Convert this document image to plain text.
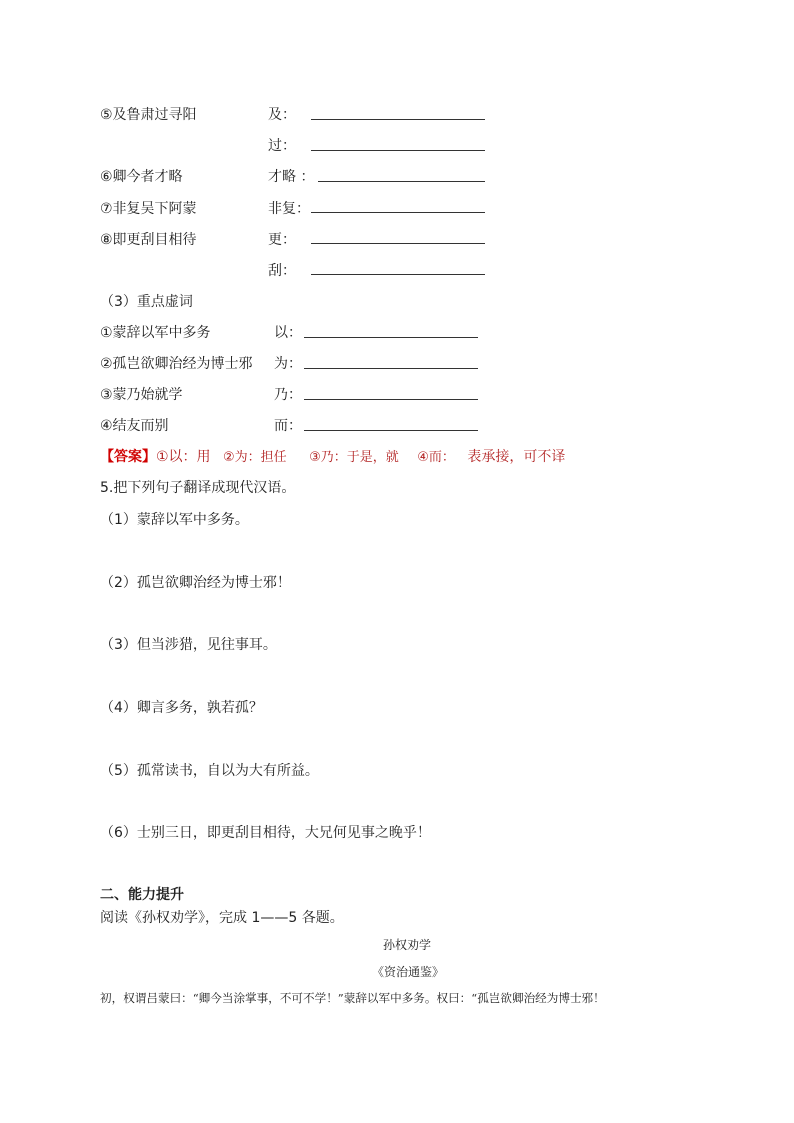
⑤及鲁肃过寻阳	及：
过：
⑥卿今者才略	才略 ：
⑦非复吴下阿蒙	非复：
⑧即更刮目相待	更：
刮：
（3）重点虚词
①蒙辞以军中多务	以：
②孤岂欲卿治经为博士邪 为：
③蒙乃始就学	乃：
④结友而别	而：
【答案】①以：用 ②为：担任 ③乃：于是，就 ④而： 表承接，可不译
5.把下列句子翻译成现代汉语。
（1）蒙辞以军中多务。
（2）孤岂欲卿治经为博士邪！
（3）但当涉猎，见往事耳。
（4）卿言多务，孰若孤？
（5）孤常读书，自以为大有所益。
（6）士别三日，即更刮目相待，大兄何见事之晚乎！
二、能力提升
阅读《孙权劝学》，完成 1——5 各题。
孙权劝学
《资治通鉴》
初，权谓吕蒙曰：“卿今当涂掌事，不可不学！”蒙辞以军中多务。权曰：“孤岂欲卿治经为博士邪！
